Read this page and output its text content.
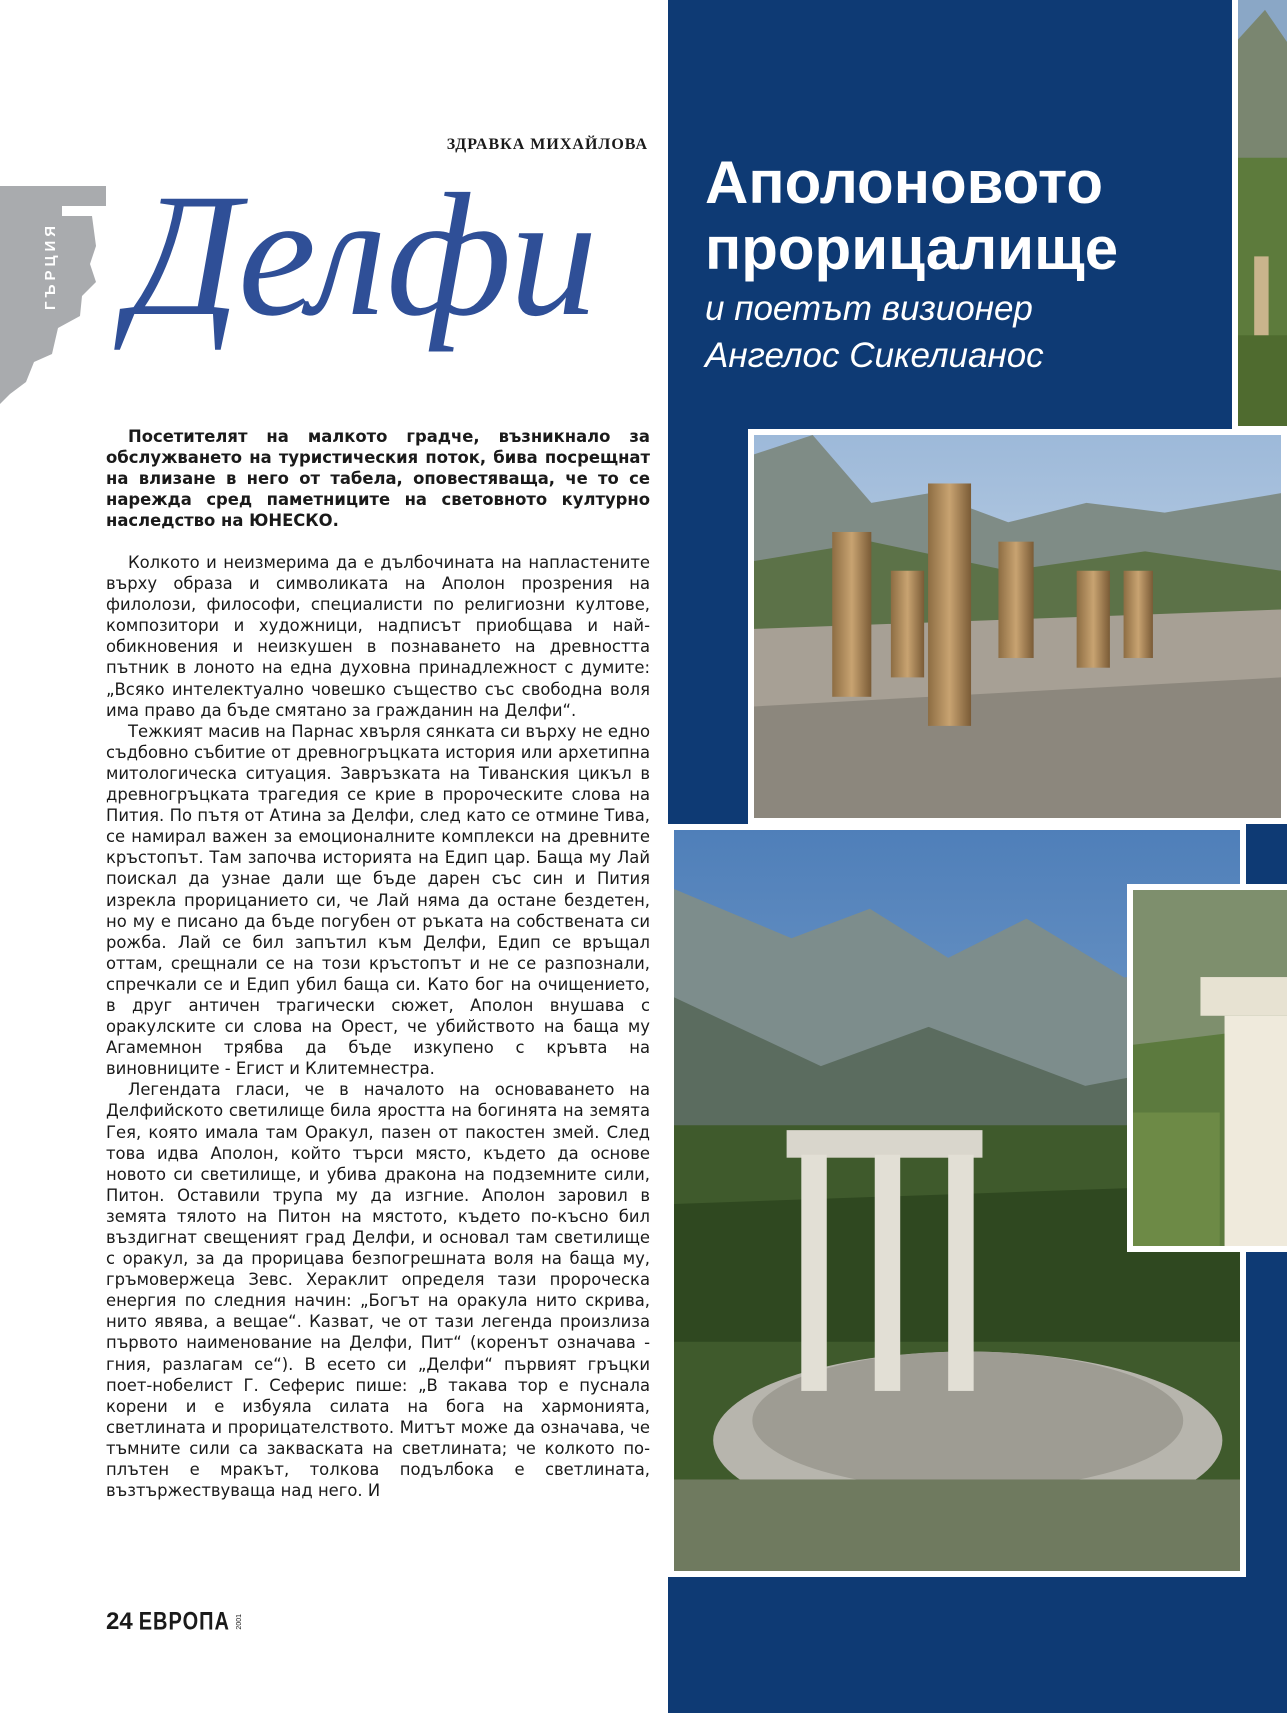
ГЪРЦИЯ
ЗДРАВКА МИХАЙЛОВА
Делфи Аполоновото
прорицалище
и поетът визионер
Ангелос Сикелианос
Посетителят на малкото градче, възникнало за обслужването на туристическия поток, бива посрещнат на влизане в него от табела, оповестяваща, че то се нарежда сред паметниците на световното културно наследство на ЮНЕСКО.

Колкото и неизмерима да е дълбочината на напластените върху образа и символиката на Аполон прозрения на филолози, философи, специалисти по религиозни култове, композитори и художници, надписът приобщава и най-обикновения и неизкушен в познаването на древността пътник в лоното на една духовна принадлежност с думите: „Всяко интелектуално човешко същество със свободна воля има право да бъде смятано за гражданин на Делфи“.

Тежкият масив на Парнас хвърля сянката си върху не едно съдбовно събитие от древногръцката история или архетипна митологическа ситуация. Завръзката на Тиванския цикъл в древногръцката трагедия се крие в пророческите слова на Пития. По пътя от Атина за Делфи, след като се отмине Тива, се намирал важен за емоционалните комплекси на древните кръстопът. Там започва историята на Едип цар. Баща му Лай поискал да узнае дали ще бъде дарен със син и Пития изрекла прорицанието си, че Лай няма да остане бездетен, но му е писано да бъде погубен от ръката на собствената си рожба. Лай се бил запътил към Делфи, Едип се връщал оттам, срещнали се на този кръстопът и не се разпознали, спречкали се и Едип убил баща си. Като бог на очищението, в друг античен трагически сюжет, Аполон внушава с оракулските си слова на Орест, че убийството на баща му Агамемнон трябва да бъде изкупено с кръвта на виновниците - Егист и Клитемнестра.

Легендата гласи, че в началото на основаването на Делфийското светилище била яростта на богинята на земята Гея, която имала там Оракул, пазен от пакостен змей. След това идва Аполон, който търси място, където да основе новото си светилище, и убива дракона на подземните сили, Питон. Оставили трупа му да изгние. Аполон заровил в земята тялото на Питон на мястото, където по-късно бил въздигнат свещеният град Делфи, и основал там светилище с оракул, за да прорицава безпогрешната воля на баща му, гръмовержеца Зевс. Хераклит определя тази пророческа енергия по следния начин: „Богът на оракула нито скрива, нито явява, а вещае“. Казват, че от тази легенда произлиза първото наименование на Делфи, Пит“ (коренът означава - гния, разлагам се“). В есето си „Делфи“ първият гръцки поет-нобелист Г. Сеферис пише: „В такава тор е пуснала корени и е избуяла силата на бога на хармонията, светлината и прорицателството. Митът може да означава, че тъмните сили са закваската на светлината; че колкото по-плътен е мракът, толкова подълбока е светлината, възтържествуваща над него. И

24 ЕВРОПА 2001
